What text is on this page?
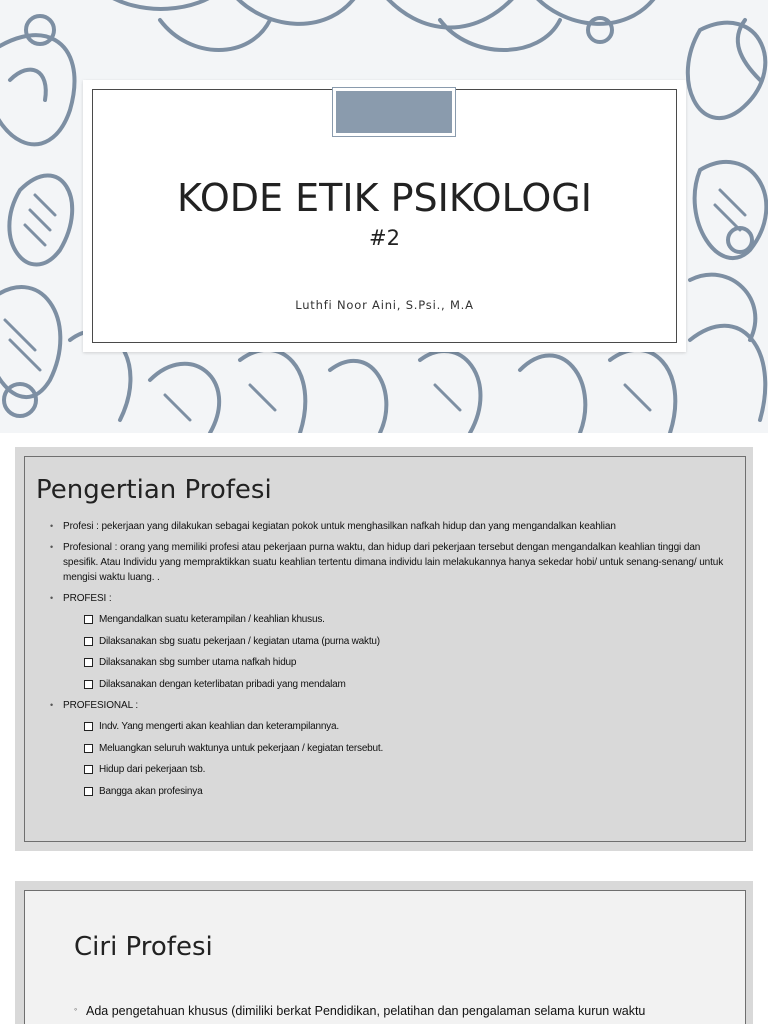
KODE ETIK PSIKOLOGI
#2
Luthfi Noor Aini, S.Psi., M.A
Pengertian Profesi
• Profesi : pekerjaan yang dilakukan sebagai kegiatan pokok untuk menghasilkan nafkah hidup dan yang mengandalkan keahlian
• Profesional : orang yang memiliki profesi atau pekerjaan purna waktu, dan hidup dari pekerjaan tersebut dengan mengandalkan keahlian tinggi dan spesifik. Atau Individu yang mempraktikkan suatu keahlian tertentu dimana individu lain melakukannya hanya sekedar hobi/ untuk senang-senang/ untuk mengisi waktu luang. .
• PROFESI :
Mengandalkan suatu keterampilan / keahlian khusus.
Dilaksanakan sbg suatu pekerjaan / kegiatan utama (purna waktu)
Dilaksanakan sbg sumber utama nafkah hidup
Dilaksanakan dengan keterlibatan pribadi yang mendalam
• PROFESIONAL :
Indv. Yang mengerti akan keahlian dan keterampilannya.
Meluangkan seluruh waktunya untuk pekerjaan / kegiatan tersebut.
Hidup dari pekerjaan tsb.
Bangga akan profesinya
Ciri Profesi
◦ Ada pengetahuan khusus (dimiliki berkat Pendidikan, pelatihan dan pengalaman selama kurun waktu
